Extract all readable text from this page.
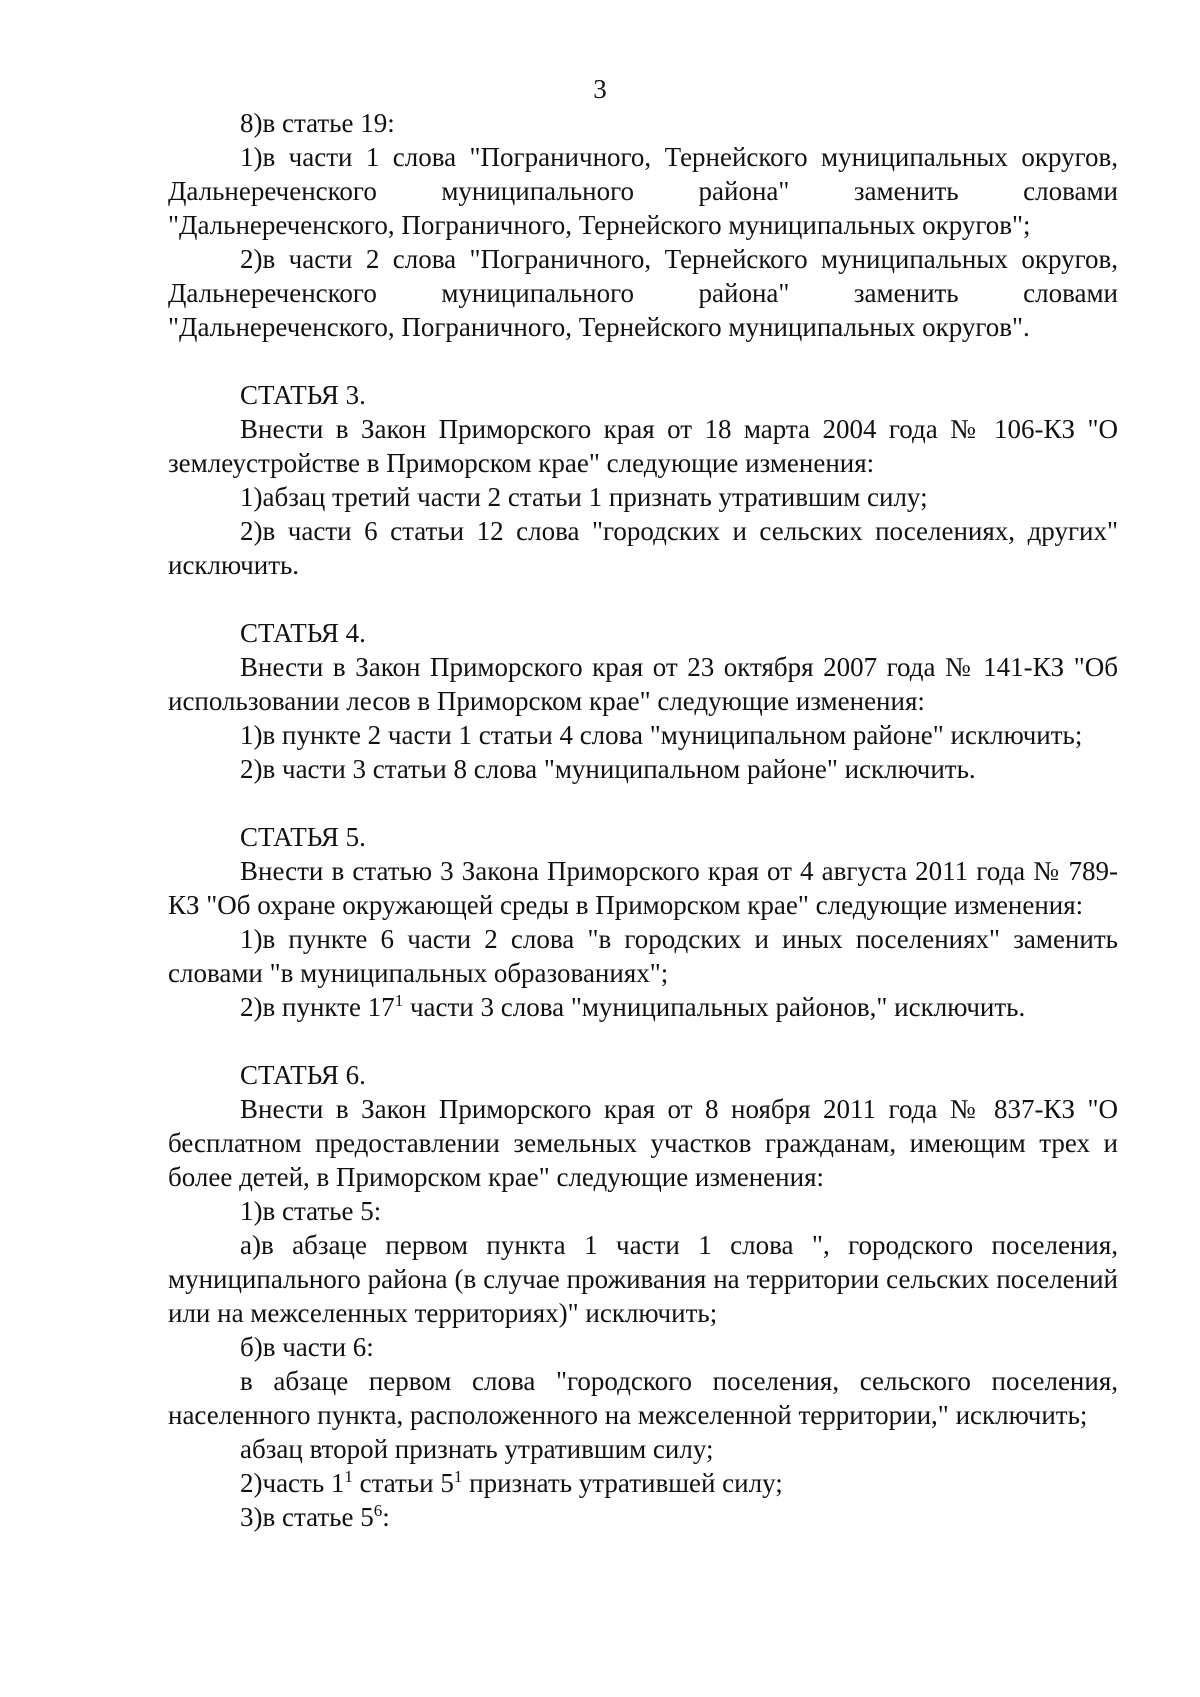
3

8)в статье 19:

1)в части 1 слова "Пограничного, Тернейского муниципальных округов, Дальнереченского муниципального района" заменить словами "Дальнереченского, Пограничного, Тернейского муниципальных округов";

2)в части 2 слова "Пограничного, Тернейского муниципальных округов, Дальнереченского муниципального района" заменить словами "Дальнереченского, Пограничного, Тернейского муниципальных округов".

СТАТЬЯ 3.

Внести в Закон Приморского края от 18 марта 2004 года № 106-КЗ "О землеустройстве в Приморском крае" следующие изменения:

1)абзац третий части 2 статьи 1 признать утратившим силу;

2)в части 6 статьи 12 слова "городских и сельских поселениях, других" исключить.

СТАТЬЯ 4.

Внести в Закон Приморского края от 23 октября 2007 года № 141-КЗ "Об использовании лесов в Приморском крае" следующие изменения:

1)в пункте 2 части 1 статьи 4 слова "муниципальном районе" исключить;

2)в части 3 статьи 8 слова "муниципальном районе" исключить.

СТАТЬЯ 5.

Внести в статью 3 Закона Приморского края от 4 августа 2011 года № 789-КЗ "Об охране окружающей среды в Приморском крае" следующие изменения:

1)в пункте 6 части 2 слова "в городских и иных поселениях" заменить словами "в муниципальных образованиях";

2)в пункте $17^1$ части 3 слова "муниципальных районов," исключить.

СТАТЬЯ 6.

Внести в Закон Приморского края от 8 ноября 2011 года № 837-КЗ "О бесплатном предоставлении земельных участков гражданам, имеющим трех и более детей, в Приморском крае" следующие изменения:

1)в статье 5:

а)в абзаце первом пункта 1 части 1 слова ", городского поселения, муниципального района (в случае проживания на территории сельских поселений или на межселенных территориях)" исключить;

б)в части 6:

в абзаце первом слова "городского поселения, сельского поселения, населенного пункта, расположенного на межселенной территории," исключить;

абзац второй признать утратившим силу;

2)часть $1^1$ статьи $5^1$ признать утратившей силу;

3)в статье $5^6$:
